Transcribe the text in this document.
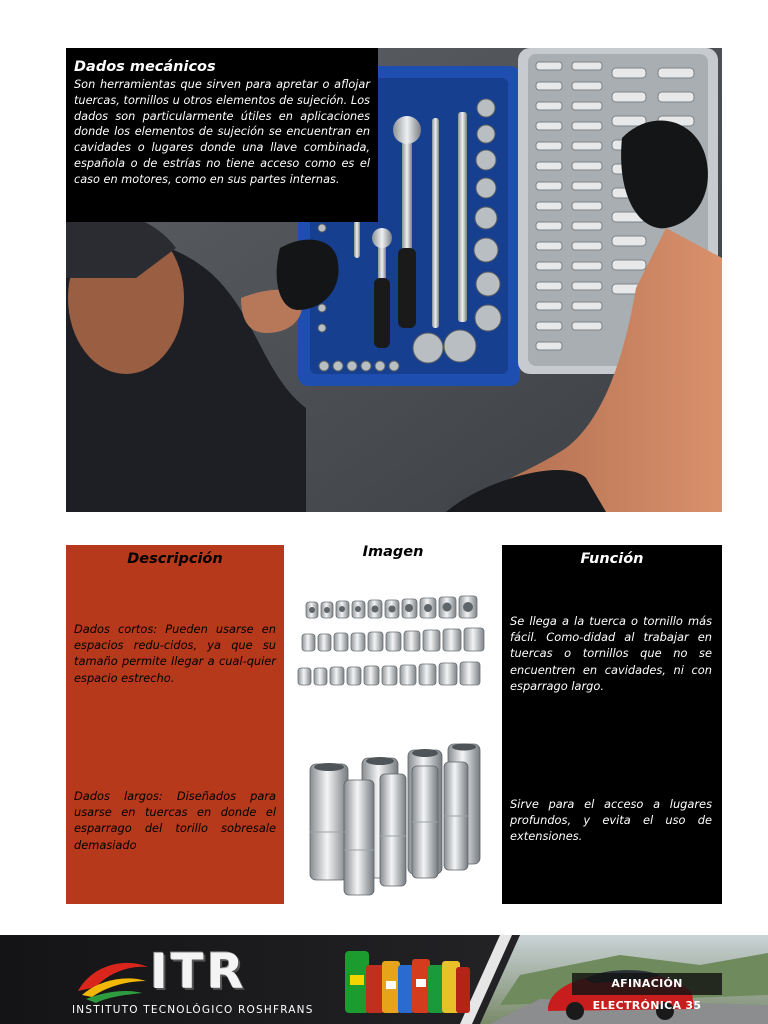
Dados mecánicos
Son herramientas que sirven para apretar o aflojar tuercas, tornillos u otros elementos de sujeción. Los dados son particularmente útiles en aplicaciones donde los elementos de sujeción se encuentran en cavidades o lugares donde una llave combinada, española o de estrías no tiene acceso como es el caso en motores, como en sus partes internas.
Descripción
Dados cortos: Pueden usarse en espacios redu-cidos, ya que su tamaño permite llegar a cual-quier espacio estrecho.
Dados largos: Diseñados para usarse en tuercas en donde el esparrago del torillo sobresale demasiado
Imagen	Función
Se llega a la tuerca o tornillo más fácil. Como-didad al trabajar en tuercas o tornillos que no se encuentren en cavidades, ni con esparrago largo.
Sirve para el acceso a lugares profundos, y evita el uso de extensiones.
ITR
INSTITUTO TECNOLÓGICO ROSHFRANS
AFINACIÓN ELECTRÓNICA 35
